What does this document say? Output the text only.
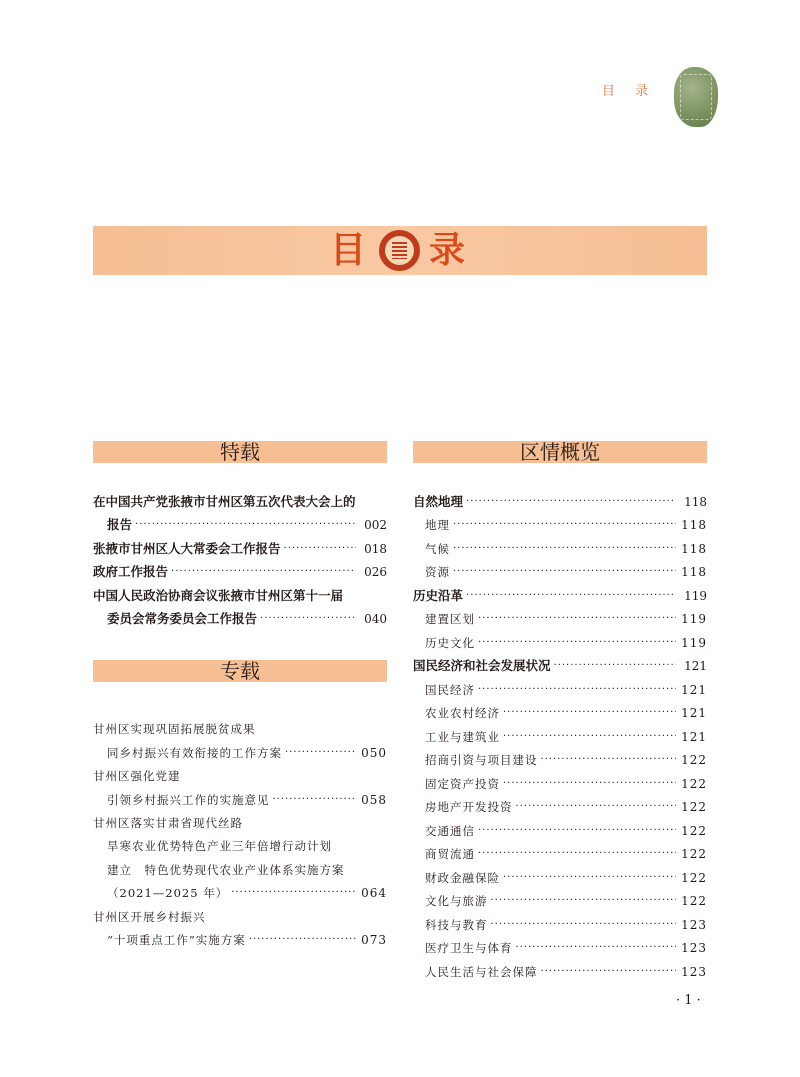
目 录
目 录
特载
在中国共产党张掖市甘州区第五次代表大会上的
报告 ·····	002
张掖市甘州区人大常委会工作报告 ·····	018
政府工作报告 ·····	026
中国人民政治协商会议张掖市甘州区第十一届
委员会常务委员会工作报告 ·····	040
专载
甘州区实现巩固拓展脱贫成果
同乡村振兴有效衔接的工作方案 ·····	050
甘州区强化党建
引领乡村振兴工作的实施意见 ·····	058
甘州区落实甘肃省现代丝路
旱寒农业优势特色产业三年倍增行动计划
建立　特色优势现代农业产业体系实施方案
（2021—2025 年） ·····	064
甘州区开展乡村振兴
“十项重点工作”实施方案 ·····	073
区情概览
自然地理 ·····	118
地理 ·····	118
气候 ·····	118
资源 ·····	118
历史沿革 ·····	119
建置区划 ·····	119
历史文化 ·····	119
国民经济和社会发展状况 ·····	121
国民经济 ·····	121
农业农村经济 ·····	121
工业与建筑业 ·····	121
招商引资与项目建设 ·····	122
固定资产投资 ·····	122
房地产开发投资 ·····	122
交通通信 ·····	122
商贸流通 ·····	122
财政金融保险 ·····	122
文化与旅游 ·····	122
科技与教育 ·····	123
医疗卫生与体育 ·····	123
人民生活与社会保障 ·····	123
· 1 ·
